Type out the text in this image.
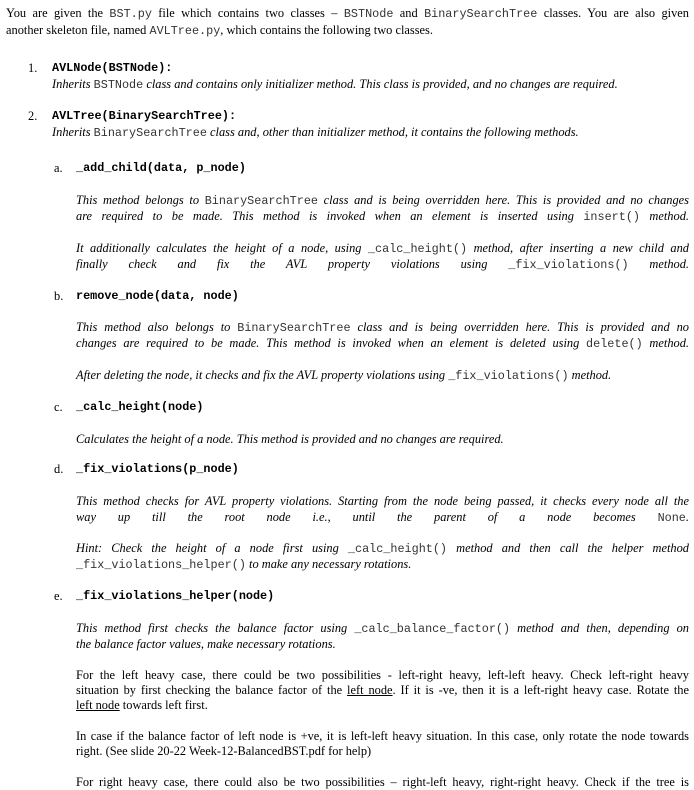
You are given the BST.py file which contains two classes – BSTNode and BinarySearchTree classes. You are also given
another skeleton file, named AVLTree.py, which contains the following two classes.
1. AVLNode(BSTNode):
Inherits BSTNode class and contains only initializer method. This class is provided, and no changes are required.
2. AVLTree(BinarySearchTree):
Inherits BinarySearchTree class and, other than initializer method, it contains the following methods.
a. _add_child(data, p_node)
This method belongs to BinarySearchTree class and is being overridden here. This is provided and no changes
are required to be made. This method is invoked when an element is inserted using insert() method.
It additionally calculates the height of a node, using _calc_height() method, after inserting a new child and
finally check and fix the AVL property violations using _fix_violations() method.
b. remove_node(data, node)
This method also belongs to BinarySearchTree class and is being overridden here. This is provided and no
changes are required to be made. This method is invoked when an element is deleted using delete() method.
After deleting the node, it checks and fix the AVL property violations using _fix_violations() method.
c. _calc_height(node)
Calculates the height of a node. This method is provided and no changes are required.
d. _fix_violations(p_node)
This method checks for AVL property violations. Starting from the node being passed, it checks every node all the
way up till the root node i.e., until the parent of a node becomes None.
Hint: Check the height of a node first using _calc_height() method and then call the helper method
_fix_violations_helper() to make any necessary rotations.
e. _fix_violations_helper(node)
This method first checks the balance factor using _calc_balance_factor() method and then, depending on
the balance factor values, make necessary rotations.
For the left heavy case, there could be two possibilities - left-right heavy, left-left heavy. Check left-right heavy
situation by first checking the balance factor of the left node. If it is -ve, then it is a left-right heavy case. Rotate the
left node towards left first.
In case if the balance factor of left node is +ve, it is left-left heavy situation. In this case, only rotate the node towards
right. (See slide 20-22 Week-12-BalancedBST.pdf for help)
For right heavy case, there could also be two possibilities – right-left heavy, right-right heavy. Check if the tree is
